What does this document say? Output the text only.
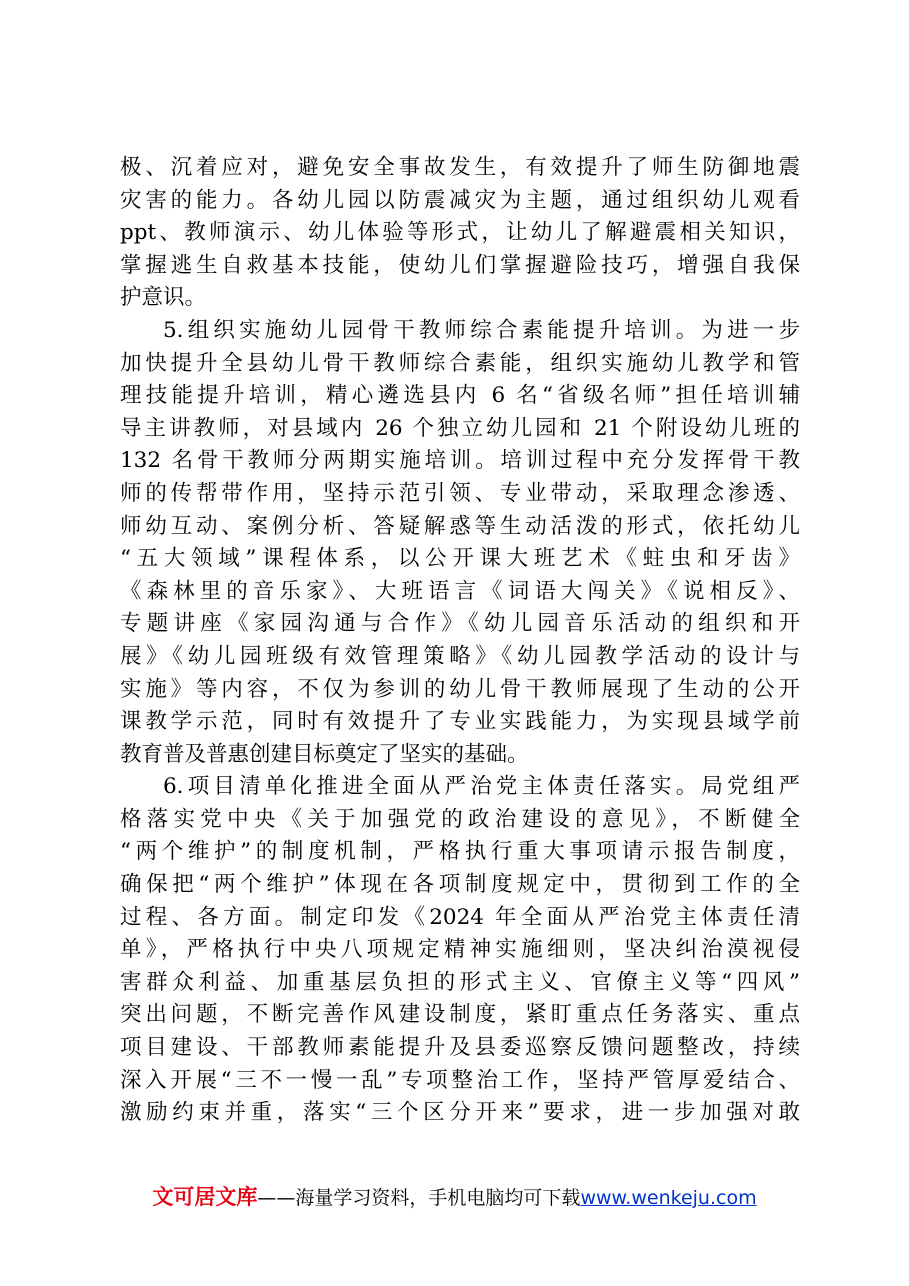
极、沉着应对，避免安全事故发生，有效提升了师生防御地震
灾害的能力。各幼儿园以防震减灾为主题，通过组织幼儿观看
ppt、教师演示、幼儿体验等形式，让幼儿了解避震相关知识，
掌握逃生自救基本技能，使幼儿们掌握避险技巧，增强自我保
护意识。
5.组织实施幼儿园骨干教师综合素能提升培训。为进一步
加快提升全县幼儿骨干教师综合素能，组织实施幼儿教学和管
理技能提升培训，精心遴选县内 6 名“省级名师”担任培训辅
导主讲教师，对县域内 26 个独立幼儿园和 21 个附设幼儿班的
132 名骨干教师分两期实施培训。培训过程中充分发挥骨干教
师的传帮带作用，坚持示范引领、专业带动，采取理念渗透、
师幼互动、案例分析、答疑解惑等生动活泼的形式，依托幼儿
“五大领域”课程体系，以公开课大班艺术《蛀虫和牙齿》
《森林里的音乐家》、大班语言《词语大闯关》《说相反》、
专题讲座《家园沟通与合作》《幼儿园音乐活动的组织和开
展》《幼儿园班级有效管理策略》《幼儿园教学活动的设计与
实施》等内容，不仅为参训的幼儿骨干教师展现了生动的公开
课教学示范，同时有效提升了专业实践能力，为实现县域学前
教育普及普惠创建目标奠定了坚实的基础。
6.项目清单化推进全面从严治党主体责任落实。局党组严
格落实党中央《关于加强党的政治建设的意见》，不断健全
“两个维护”的制度机制，严格执行重大事项请示报告制度，
确保把“两个维护”体现在各项制度规定中，贯彻到工作的全
过程、各方面。制定印发《2024 年全面从严治党主体责任清
单》，严格执行中央八项规定精神实施细则，坚决纠治漠视侵
害群众利益、加重基层负担的形式主义、官僚主义等“四风”
突出问题，不断完善作风建设制度，紧盯重点任务落实、重点
项目建设、干部教师素能提升及县委巡察反馈问题整改，持续
深入开展“三不一慢一乱”专项整治工作，坚持严管厚爱结合、
激励约束并重，落实“三个区分开来”要求，进一步加强对敢
文可居文库——海量学习资料，手机电脑均可下载www.wenkeju.com
